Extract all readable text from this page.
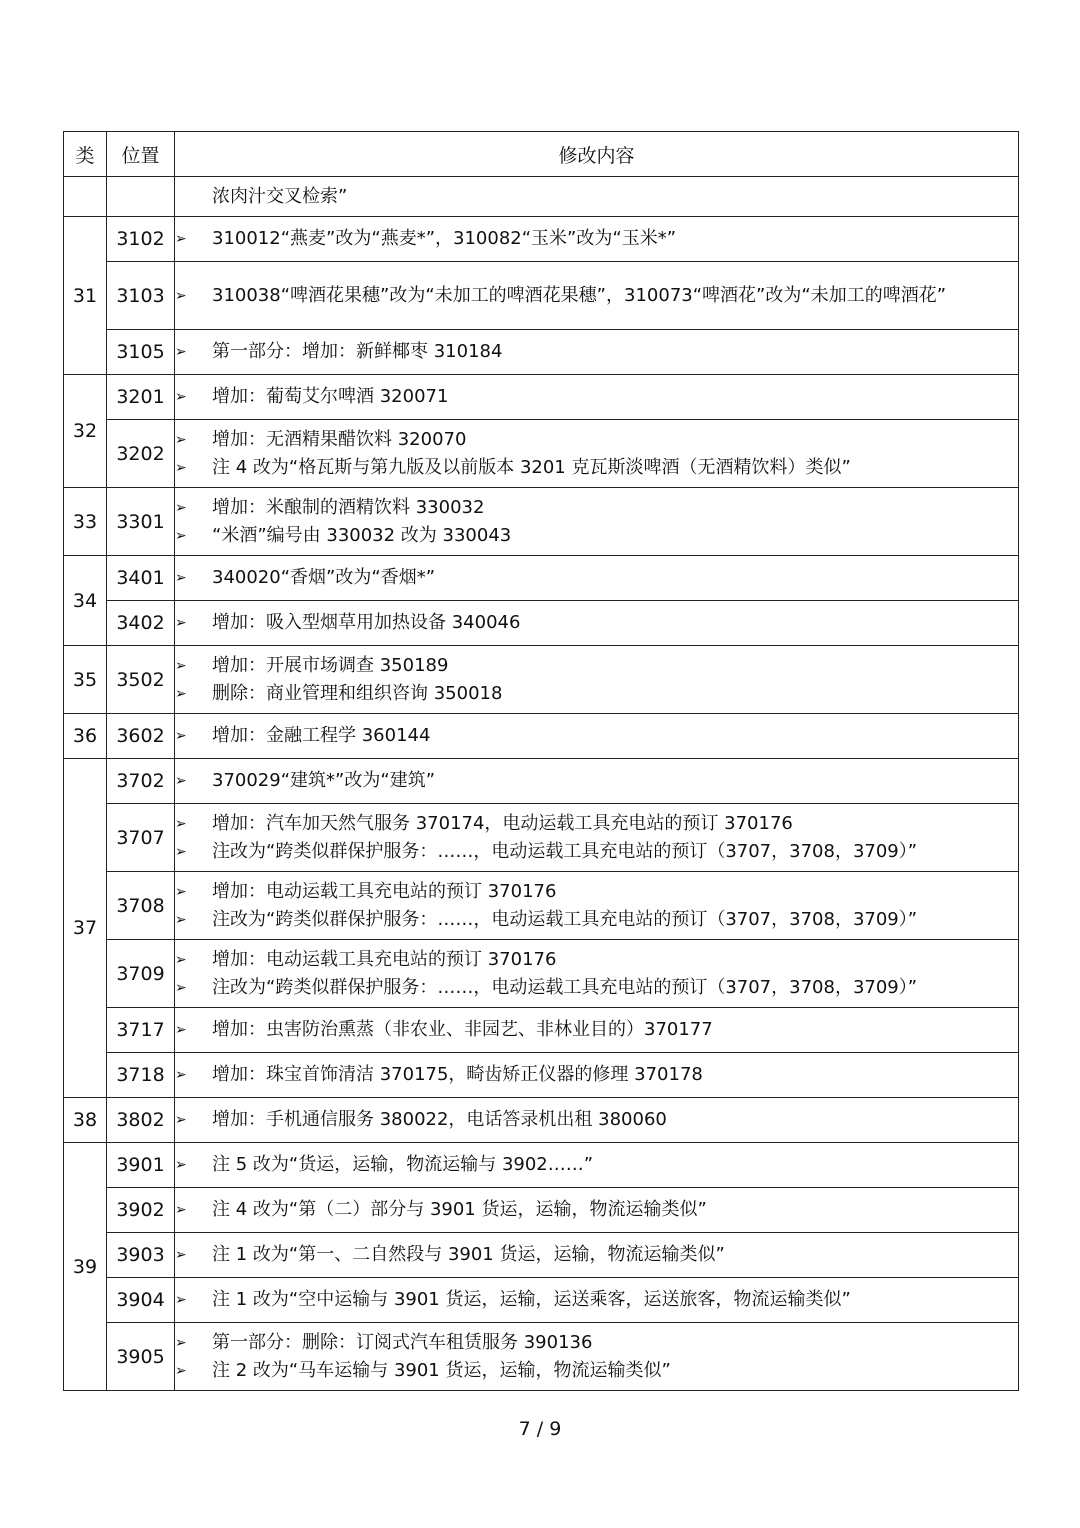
类	位置	修改内容

		浓肉汁交叉检索”

31	3102	➢ 310012“燕麦”改为“燕麦*”，310082“玉米”改为“玉米*”

	3103	➢ 310038“啤酒花果穗”改为“未加工的啤酒花果穗”，310073“啤酒花”改为“未加工的啤酒花”

	3105	➢ 第一部分：增加：新鲜椰枣 310184

32	3201	➢ 增加：葡萄艾尔啤酒 320071

	3202	➢ 增加：无酒精果醋饮料 320070
➢ 注 4 改为“格瓦斯与第九版及以前版本 3201 克瓦斯淡啤酒（无酒精饮料）类似”

33	3301	➢ 增加：米酿制的酒精饮料 330032
➢ “米酒”编号由 330032 改为 330043

34	3401	➢ 340020“香烟”改为“香烟*”

	3402	➢ 增加：吸入型烟草用加热设备 340046

35	3502	➢ 增加：开展市场调查 350189
➢ 删除：商业管理和组织咨询 350018

36	3602	➢ 增加：金融工程学 360144

37	3702	➢ 370029“建筑*”改为“建筑”

	3707	➢ 增加：汽车加天然气服务 370174，电动运载工具充电站的预订 370176
➢ 注改为“跨类似群保护服务：……，电动运载工具充电站的预订（3707，3708，3709）”

	3708	➢ 增加：电动运载工具充电站的预订 370176
➢ 注改为“跨类似群保护服务：……，电动运载工具充电站的预订（3707，3708，3709）”

	3709	➢ 增加：电动运载工具充电站的预订 370176
➢ 注改为“跨类似群保护服务：……，电动运载工具充电站的预订（3707，3708，3709）”

	3717	➢ 增加：虫害防治熏蒸（非农业、非园艺、非林业目的）370177

	3718	➢ 增加：珠宝首饰清洁 370175，畸齿矫正仪器的修理 370178

38	3802	➢ 增加：手机通信服务 380022，电话答录机出租 380060

39	3901	➢ 注 5 改为“货运，运输，物流运输与 3902……”

	3902	➢ 注 4 改为“第（二）部分与 3901 货运，运输，物流运输类似”

	3903	➢ 注 1 改为“第一、二自然段与 3901 货运，运输，物流运输类似”

	3904	➢ 注 1 改为“空中运输与 3901 货运，运输，运送乘客，运送旅客，物流运输类似”

	3905	➢ 第一部分：删除：订阅式汽车租赁服务 390136
➢ 注 2 改为“马车运输与 3901 货运，运输，物流运输类似”
7 / 9
